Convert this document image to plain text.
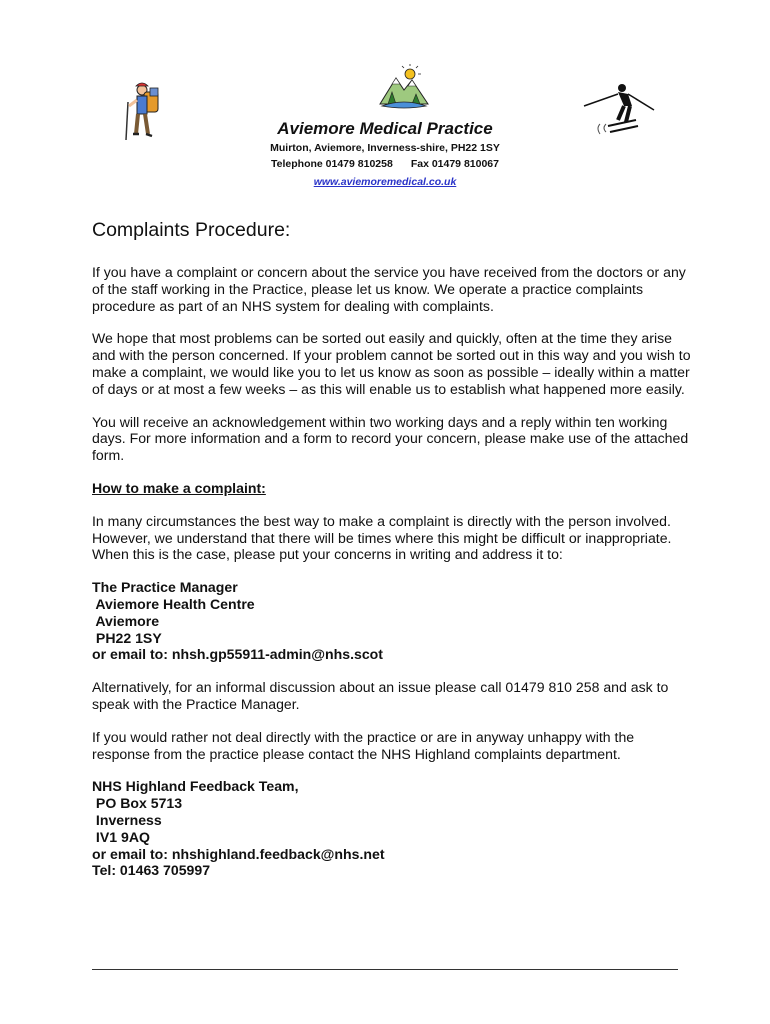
Aviemore Medical Practice

Muirton, Aviemore, Inverness-shire, PH22 1SY

Telephone 01479 810258 Fax 01479 810067

www.aviemoremedical.co.uk
Complaints Procedure:

If you have a complaint or concern about the service you have received from the doctors or any of the staff working in the Practice, please let us know. We operate a practice complaints procedure as part of an NHS system for dealing with complaints.

We hope that most problems can be sorted out easily and quickly, often at the time they arise and with the person concerned. If your problem cannot be sorted out in this way and you wish to make a complaint, we would like you to let us know as soon as possible – ideally within a matter of days or at most a few weeks – as this will enable us to establish what happened more easily.

You will receive an acknowledgement within two working days and a reply within ten working days. For more information and a form to record your concern, please make use of the attached form.

How to make a complaint:

In many circumstances the best way to make a complaint is directly with the person involved. However, we understand that there will be times where this might be difficult or inappropriate. When this is the case, please put your concerns in writing and address it to:

The Practice Manager
Aviemore Health Centre
Aviemore
PH22 1SY
or email to: nhsh.gp55911-admin@nhs.scot

Alternatively, for an informal discussion about an issue please call 01479 810 258 and ask to speak with the Practice Manager.

If you would rather not deal directly with the practice or are in anyway unhappy with the response from the practice please contact the NHS Highland complaints department.

NHS Highland Feedback Team,
PO Box 5713
Inverness
IV1 9AQ
or email to: nhshighland.feedback@nhs.net
Tel: 01463 705997
